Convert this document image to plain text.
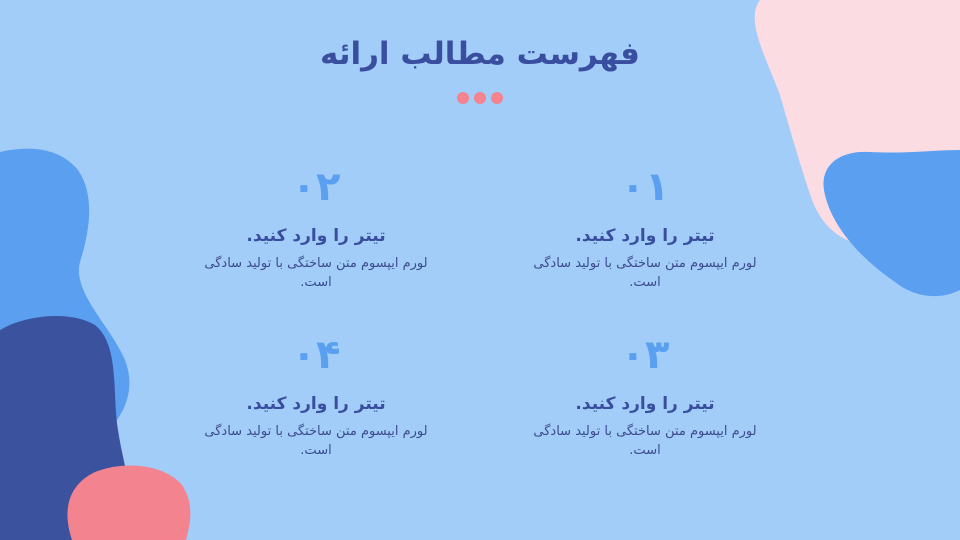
فهرست مطالب ارائه
۰۱
تیتر را وارد کنید.
لورم ایپسوم متن ساختگی با تولید سادگی است.
۰۲
تیتر را وارد کنید.
لورم ایپسوم متن ساختگی با تولید سادگی است.
۰۳
تیتر را وارد کنید.
لورم ایپسوم متن ساختگی با تولید سادگی است.
۰۴
تیتر را وارد کنید.
لورم ایپسوم متن ساختگی با تولید سادگی است.
